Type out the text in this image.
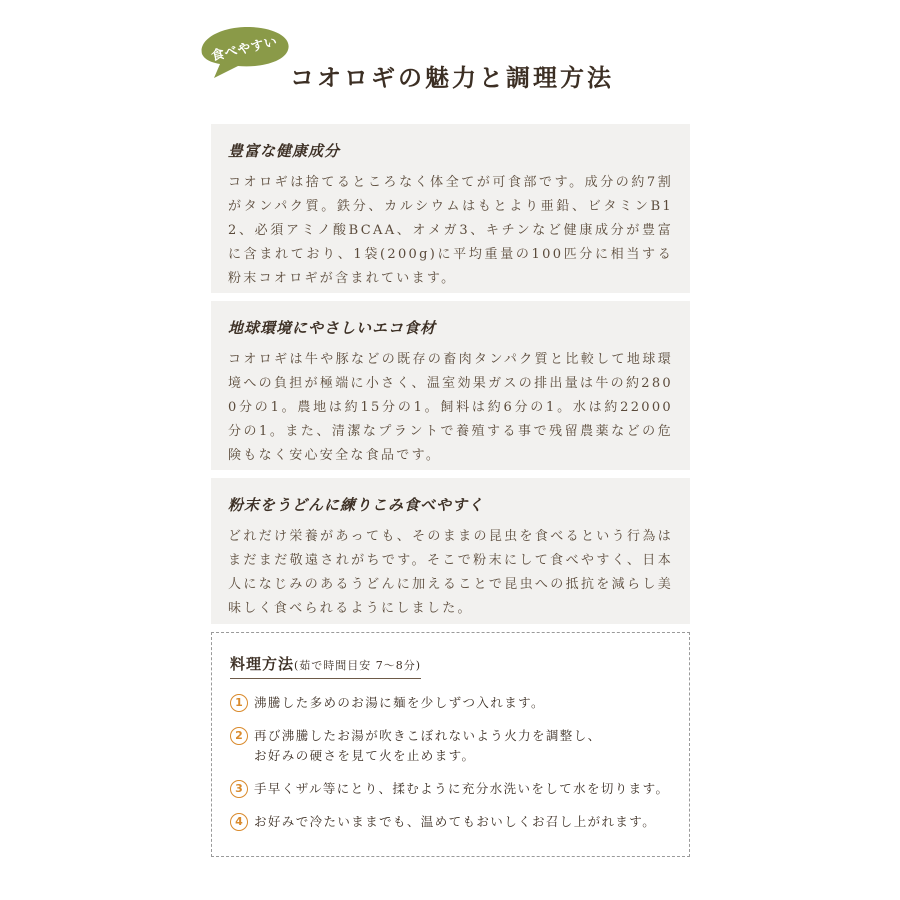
食べやすい
コオロギの魅力と調理方法
豊富な健康成分

コオロギは捨てるところなく体全てが可食部です。成分の約7割がタンパク質。鉄分、カルシウムはもとより亜鉛、ビタミンB12、必須アミノ酸BCAA、オメガ3、キチンなど健康成分が豊富に含まれており、1袋(200g)に平均重量の100匹分に相当する粉末コオロギが含まれています。

地球環境にやさしいエコ食材

コオロギは牛や豚などの既存の畜肉タンパク質と比較して地球環境への負担が極端に小さく、温室効果ガスの排出量は牛の約2800分の1。農地は約15分の1。飼料は約6分の1。水は約22000分の1。また、清潔なプラントで養殖する事で残留農薬などの危険もなく安心安全な食品です。

粉末をうどんに練りこみ食べやすく

どれだけ栄養があっても、そのままの昆虫を食べるという行為はまだまだ敬遠されがちです。そこで粉末にして食べやすく、日本人になじみのあるうどんに加えることで昆虫への抵抗を減らし美味しく食べられるようにしました。

料理方法(茹で時間目安 7〜8分)
1 沸騰した多めのお湯に麺を少しずつ入れます。
2 再び沸騰したお湯が吹きこぼれないよう火力を調整し、
お好みの硬さを見て火を止めます。
3 手早くザル等にとり、揉むように充分水洗いをして水を切ります。
4 お好みで冷たいままでも、温めてもおいしくお召し上がれます。
